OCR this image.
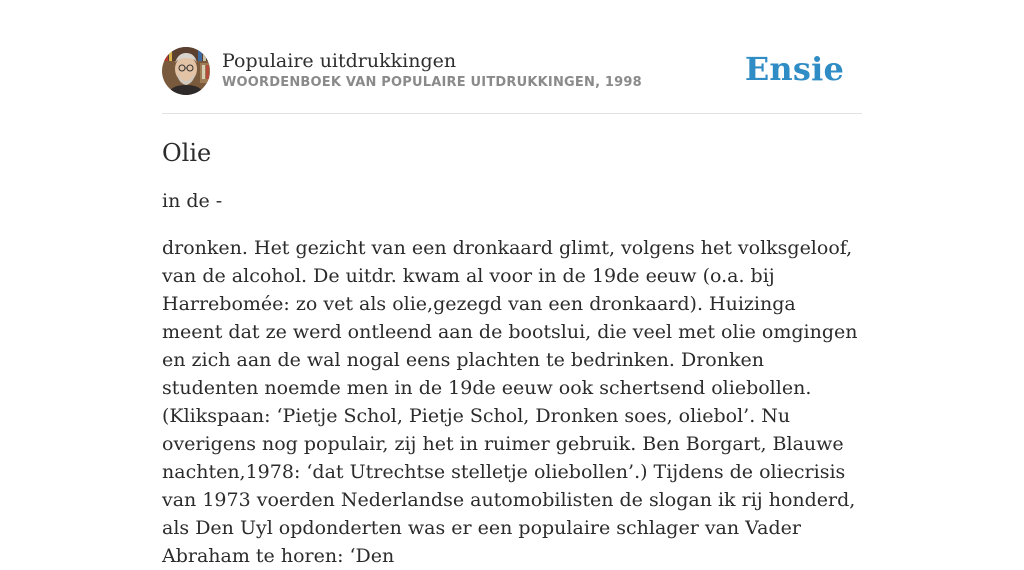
Populaire uitdrukkingen
WOORDENBOEK VAN POPULAIRE UITDRUKKINGEN, 1998	Ensie
Olie
in de -
dronken. Het gezicht van een dronkaard glimt, volgens het volksgeloof, van de alcohol. De uitdr. kwam al voor in de 19de eeuw (o.a. bij Harrebomée: zo vet als olie,gezegd van een dronkaard). Huizinga meent dat ze werd ontleend aan de bootslui, die veel met olie omgingen en zich aan de wal nogal eens plachten te bedrinken. Dronken studenten noemde men in de 19de eeuw ook schertsend oliebollen.(Klikspaan: ‘Pietje Schol, Pietje Schol, Dronken soes, oliebol’. Nu overigens nog populair, zij het in ruimer gebruik. Ben Borgart, Blauwe nachten,1978: ‘dat Utrechtse stelletje oliebollen’.) Tijdens de oliecrisis van 1973 voerden Nederlandse automobilisten de slogan ik rij honderd, als Den Uyl opdonderten was er een populaire schlager van Vader Abraham te horen: ‘Den
